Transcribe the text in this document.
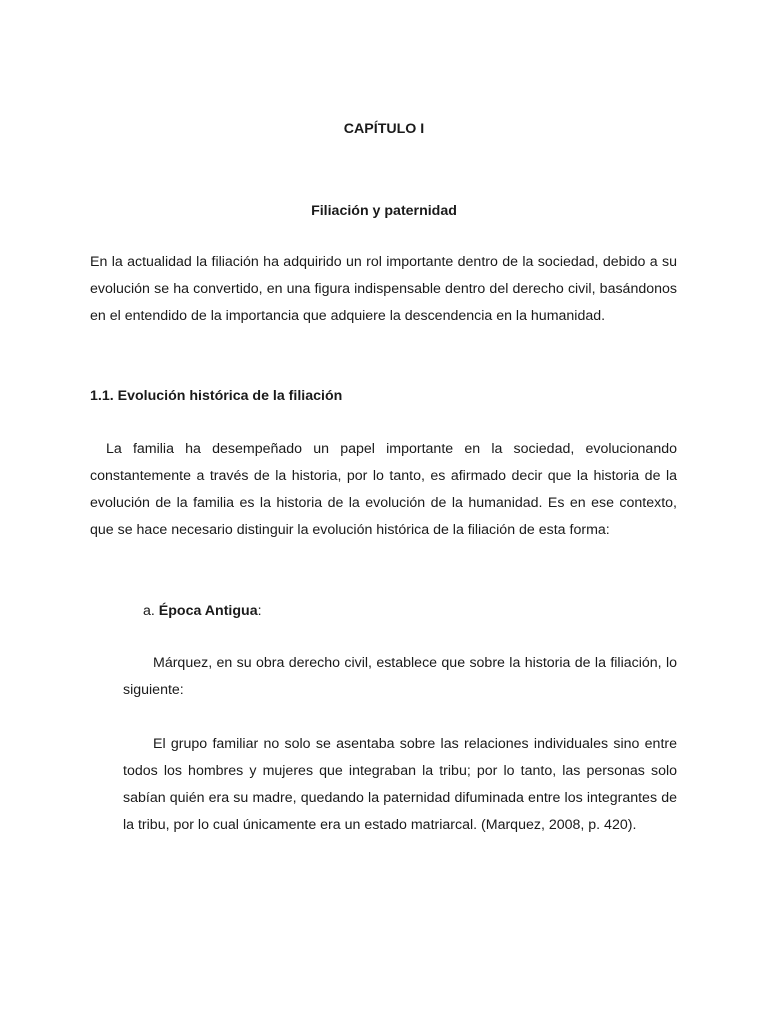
CAPÍTULO I
Filiación y paternidad

En la actualidad la filiación ha adquirido un rol importante dentro de la sociedad, debido a su evolución se ha convertido, en una figura indispensable dentro del derecho civil, basándonos en el entendido de la importancia que adquiere la descendencia en la humanidad.

1.1. Evolución histórica de la filiación

La familia ha desempeñado un papel importante en la sociedad, evolucionando constantemente a través de la historia, por lo tanto, es afirmado decir que la historia de la evolución de la familia es la historia de la evolución de la humanidad. Es en ese contexto, que se hace necesario distinguir la evolución histórica de la filiación de esta forma:

a. Época Antigua:

Márquez, en su obra derecho civil, establece que sobre la historia de la filiación, lo siguiente:

El grupo familiar no solo se asentaba sobre las relaciones individuales sino entre todos los hombres y mujeres que integraban la tribu; por lo tanto, las personas solo sabían quién era su madre, quedando la paternidad difuminada entre los integrantes de la tribu, por lo cual únicamente era un estado matriarcal. (Marquez, 2008, p. 420).
